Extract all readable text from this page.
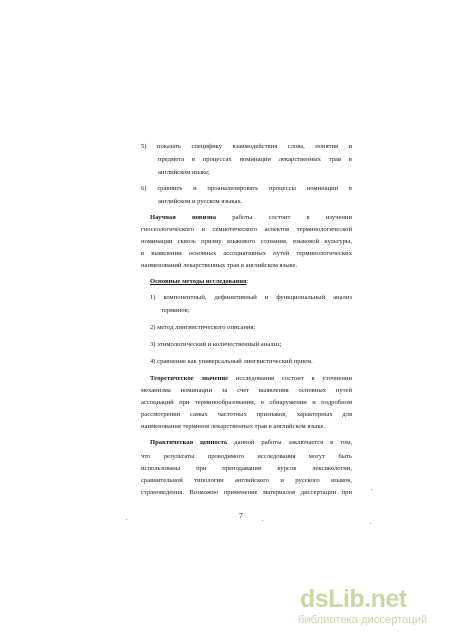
5) показать специфику взаимодействия слова, понятия и
предмета в процессах номинации лекарственных трав в
английском языке;
6) сравнить и проанализировать процессы номинации в
английском и русском языках.
Научная новизна работы состоит в изучении
гносеологического и семиотического аспектов терминологической
номинации сквозь призму языкового сознания, языковой культуры,
в выявлении основных ассоциативных путей терминологических
наименований лекарственных трав в английском языке.
Основные методы исследования:
1) компонентный, дефинитивный и функциональный анализ
терминов;
2) метод лингвистического описания;
3) этимологический и количественный анализ;
4) сравнение как универсальный лингвистический прием.
Теоретическое значение исследования состоит в уточнении
механизма номинации за счет выявления основных путей
ассоциаций при терминообразовании, в обнаружении и подробном
рассмотрении самых частотных признаков, характерных для
наименования терминов лекарственных трав в английском языке.
Практическая ценность данной работы заключается в том,
что результаты проводимого исследования могут быть
использованы при преподавании курсов лексикологии,
сравнительной типологии английского и русского языков,
страноведения. Возможно применение материалов диссертации при
7
dsLib.net
библиотека диссертаций
